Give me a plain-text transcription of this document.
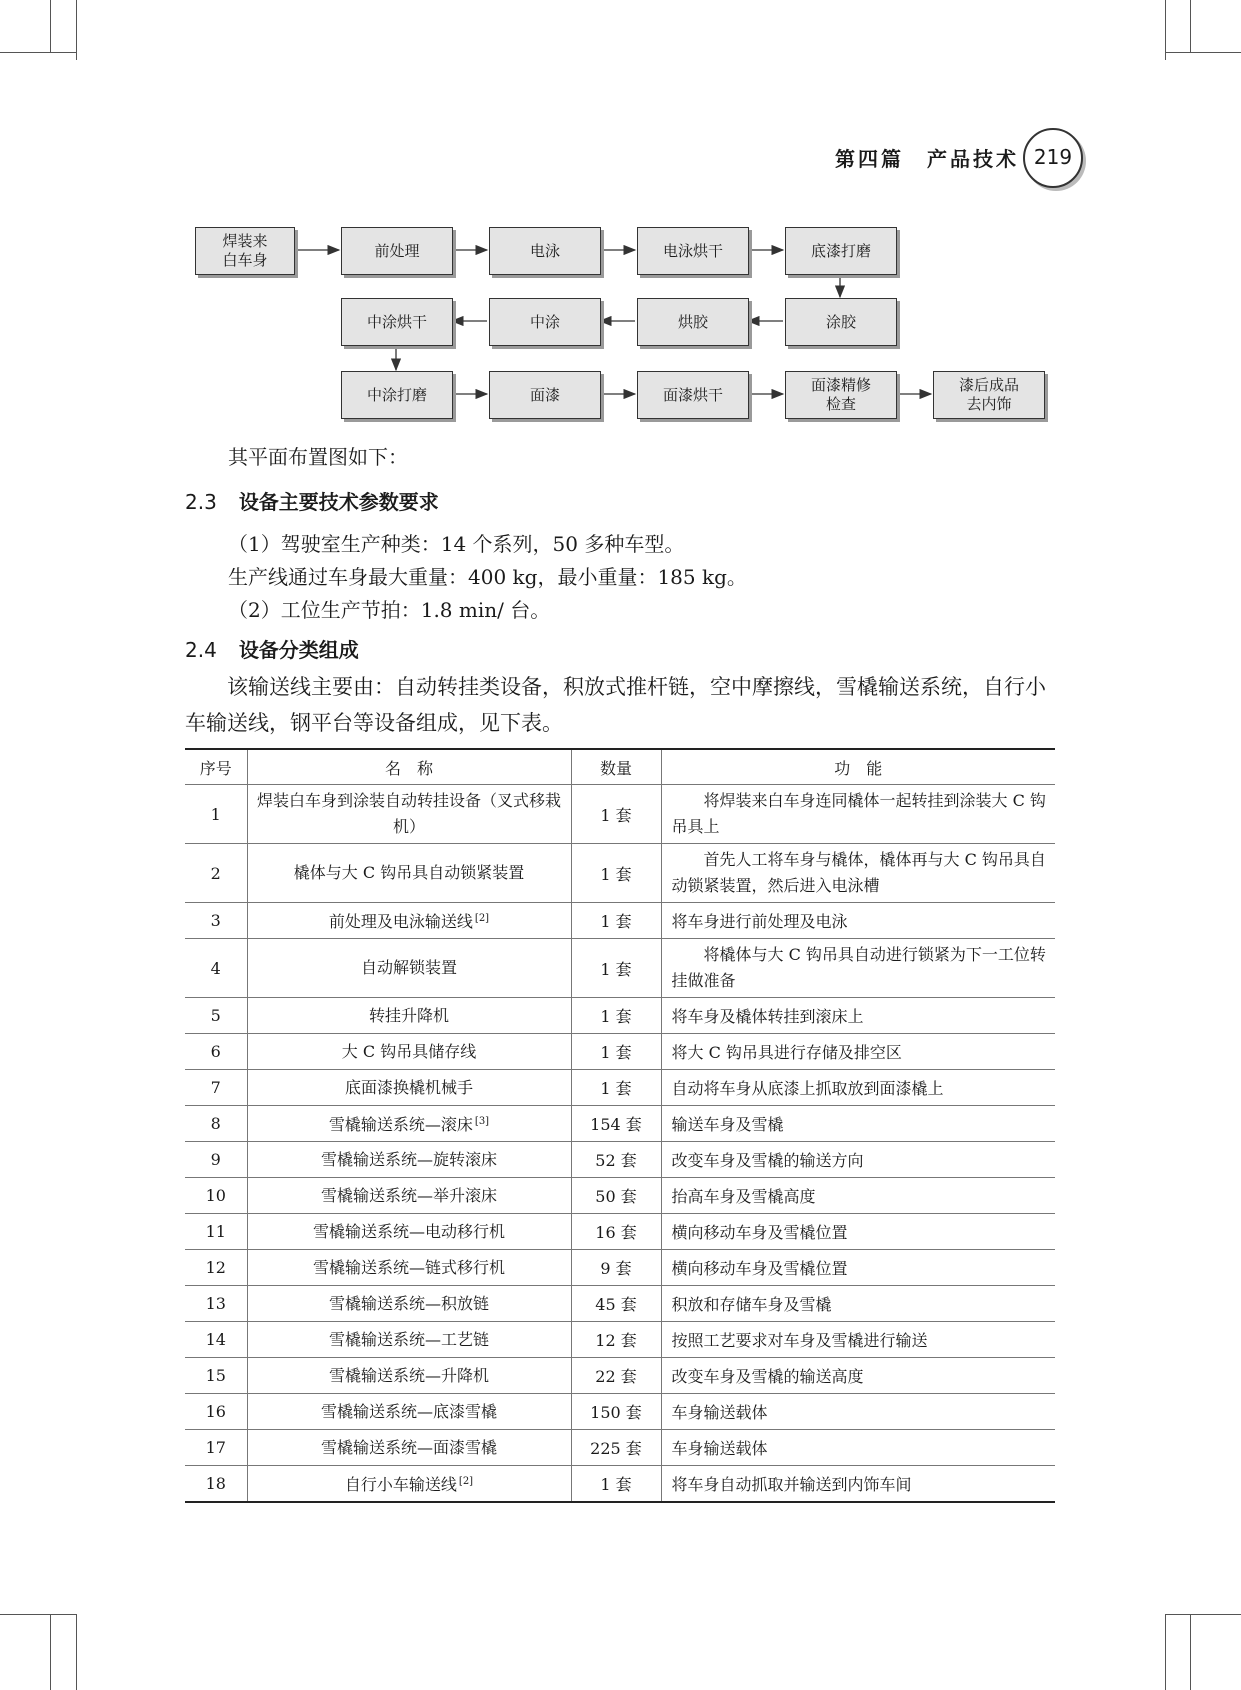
第四篇　产品技术 219
焊装来
白车身
前处理	电泳	电泳烘干	底漆打磨
涂胶
烘胶
中涂
中涂烘干
中涂打磨	面漆	面漆烘干
面漆精修
检查
漆后成品
去内饰
其平面布置图如下：
2.3 设备主要技术参数要求
（1）驾驶室生产种类：14 个系列，50 多种车型。
生产线通过车身最大重量：400 kg，最小重量：185 kg。
（2）工位生产节拍：1.8 min/ 台。
2.4 设备分类组成
该输送线主要由：自动转挂类设备，积放式推杆链，空中摩擦线，雪橇输送系统，自行小车输送线，钢平台等设备组成，见下表。
序号	名　称	数量	功　能
1	焊装白车身到涂装自动转挂设备（叉式移栽机）	1 套	将焊装来白车身连同橇体一起转挂到涂装大 C 钩吊具上
2	橇体与大 C 钩吊具自动锁紧装置	1 套	首先人工将车身与橇体，橇体再与大 C 钩吊具自动锁紧装置，然后进入电泳槽
3	前处理及电泳输送线 [2]	1 套	将车身进行前处理及电泳
4	自动解锁装置	1 套	将橇体与大 C 钩吊具自动进行锁紧为下一工位转挂做准备
5	转挂升降机	1 套	将车身及橇体转挂到滚床上
6	大 C 钩吊具储存线	1 套	将大 C 钩吊具进行存储及排空区
7	底面漆换橇机械手	1 套	自动将车身从底漆上抓取放到面漆橇上
8	雪橇输送系统—滚床 [3]	154 套	输送车身及雪橇
9	雪橇输送系统—旋转滚床	52 套	改变车身及雪橇的输送方向
10	雪橇输送系统—举升滚床	50 套	抬高车身及雪橇高度
11	雪橇输送系统—电动移行机	16 套	横向移动车身及雪橇位置
12	雪橇输送系统—链式移行机	9 套	横向移动车身及雪橇位置
13	雪橇输送系统—积放链	45 套	积放和存储车身及雪橇
14	雪橇输送系统—工艺链	12 套	按照工艺要求对车身及雪橇进行输送
15	雪橇输送系统—升降机	22 套	改变车身及雪橇的输送高度
16	雪橇输送系统—底漆雪橇	150 套	车身输送载体
17	雪橇输送系统—面漆雪橇	225 套	车身输送载体
18	自行小车输送线 [2]	1 套	将车身自动抓取并输送到内饰车间
